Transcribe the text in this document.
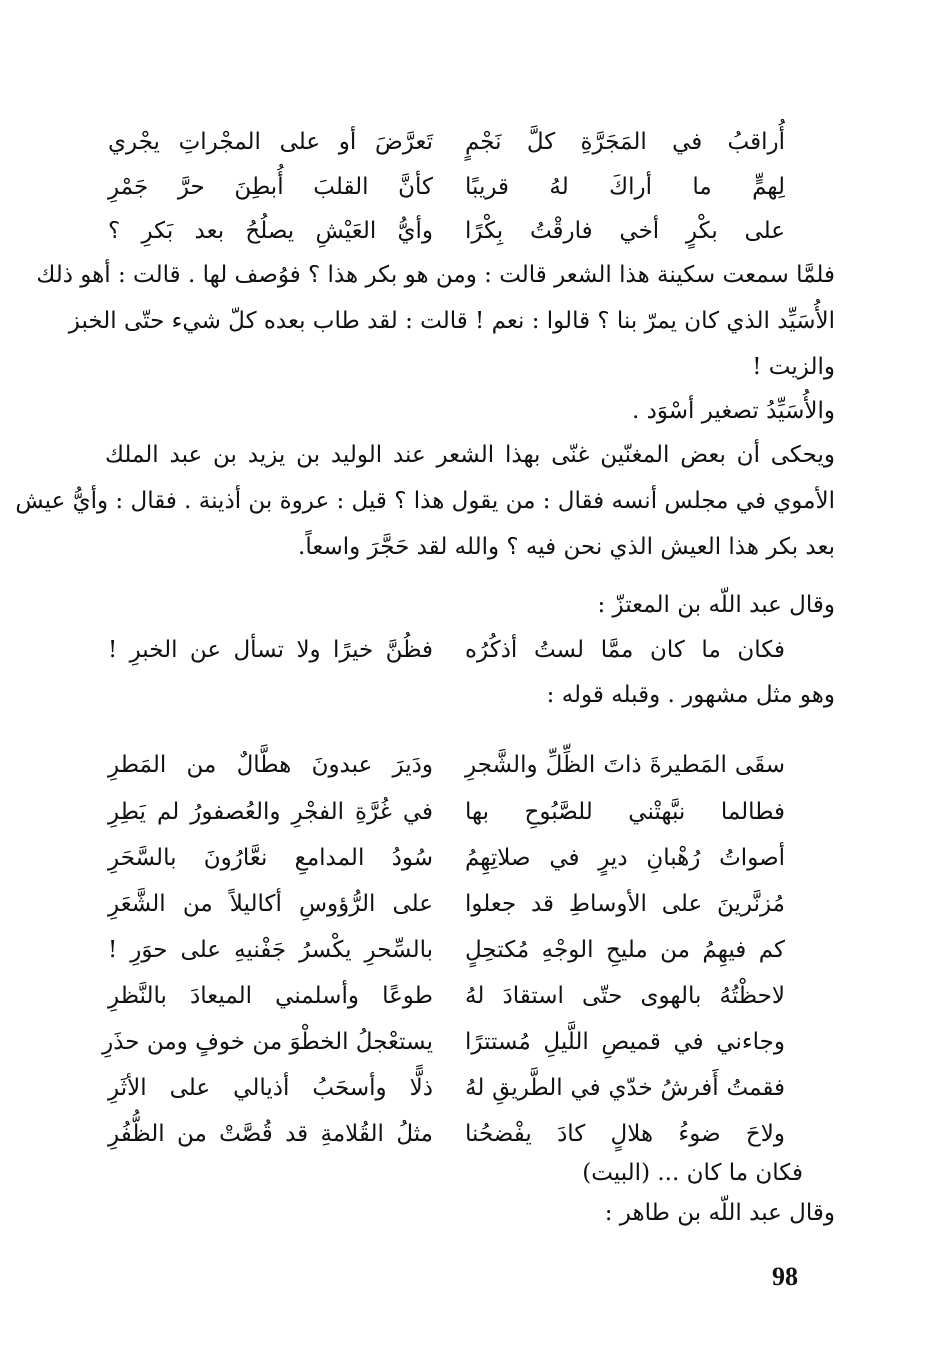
أُراقبُ في المَجَرَّةِ كلَّ نَجْمٍ
تَعرَّضَ أو على المجْراتِ يجْري
لِهمٍّ ما أراكَ لهُ قريبًا
كأنَّ القلبَ أُبطِنَ حرَّ جَمْرِ
على بكْرٍ أخي فارقْتُ بِكْرًا
وأيُّ العَيْشِ يصلُحُ بعد بَكرِ ؟
فلمَّا سمعت سكينة هذا الشعر قالت : ومن هو بكر هذا ؟ فوُصف لها . قالت : أهو ذلك
الأُسَيِّد الذي كان يمرّ بنا ؟ قالوا : نعم ! قالت : لقد طاب بعده كلّ شيء حتّى الخبز
والزيت !
والأُسَيِّدُ تصغير أسْوَد .
ويحكى أن بعض المغنّين غنّى بهذا الشعر عند الوليد بن يزيد بن عبد الملك
الأموي في مجلس أنسه فقال : من يقول هذا ؟ قيل : عروة بن أذينة . فقال : وأيُّ عيش
بعد بكر هذا العيش الذي نحن فيه ؟ والله لقد حَجَّرَ واسعاً.
وقال عبد اللّه بن المعتزّ :
فكان ما كان ممَّا لستُ أذكُرُه
فظُنَّ خيرًا ولا تسأل عن الخبرِ !
وهو مثل مشهور . وقبله قوله :
سقَى المَطيرةَ ذاتَ الظِّلِّ والشَّجرِ
ودَيرَ عبدونَ هطَّالٌ من المَطرِ
فطالما نبَّهتْني للصَّبُوحِ بها
في غُرَّةِ الفجْرِ والعُصفورُ لم يَطِرِ
أصواتُ رُهْبانِ ديرٍ في صلاتِهِمُ
سُودُ المدامعِ نعَّارُونَ بالسَّحَرِ
مُزنَّرينَ على الأوساطِ قد جعلوا
على الرُّؤوسِ أكاليلاً من الشَّعَرِ
كم فيهِمُ من مليحِ الوجْهِ مُكتحِلٍ
بالسِّحرِ يكْسرُ جَفْنيهِ على حوَرِ !
لاحظْتُهُ بالهوى حتّى استقادَ لهُ
طوعًا وأسلمني الميعادَ بالنَّظرِ
وجاءني في قميصِ اللَّيلِ مُستترًا
يستعْجلُ الخطْوَ من خوفٍ ومن حذَرِ
فقمتُ أَفرشُ خدّي في الطَّريقِ لهُ
ذلًّا وأسحَبُ أذيالي على الأثَرِ
ولاحَ ضوءُ هلالٍ كادَ يفْضحُنا
مثلُ القُلامةِ قد قُصَّتْ من الظُّفُرِ
فكان ما كان ... (البيت)
وقال عبد اللّه بن طاهر :
98
